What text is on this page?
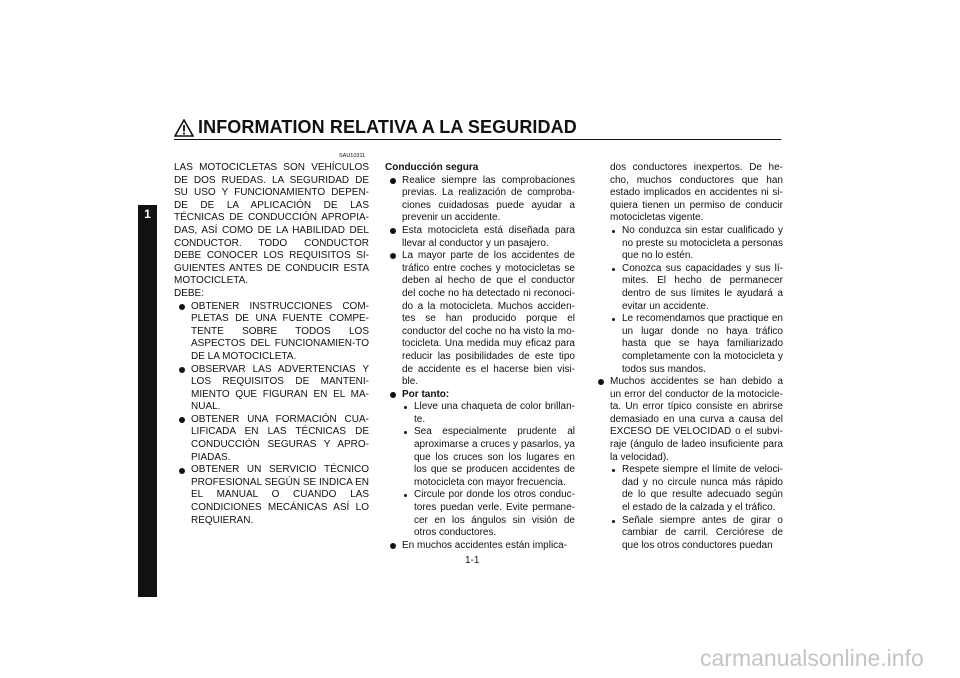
1
INFORMATION RELATIVA A LA SEGURIDAD
SAU10311

LAS MOTOCICLETAS SON VEHÍCULOS DE DOS RUEDAS. LA SEGURIDAD DE SU USO Y FUNCIONAMIENTO DEPEN-DE DE LA APLICACIÓN DE LAS TÉCNICAS DE CONDUCCIÓN APROPIA-DAS, ASÍ COMO DE LA HABILIDAD DEL CONDUCTOR. TODO CONDUCTOR DEBE CONOCER LOS REQUISITOS SI-GUIENTES ANTES DE CONDUCIR ESTA MOTOCICLETA.

DEBE:

OBTENER INSTRUCCIONES COM-PLETAS DE UNA FUENTE COMPE-TENTE SOBRE TODOS LOS ASPECTOS DEL FUNCIONAMIEN-TO DE LA MOTOCICLETA.
OBSERVAR LAS ADVERTENCIAS Y LOS REQUISITOS DE MANTENI-MIENTO QUE FIGURAN EN EL MA-NUAL.
OBTENER UNA FORMACIÓN CUA-LIFICADA EN LAS TÉCNICAS DE CONDUCCIÓN SEGURAS Y APRO-PIADAS.
OBTENER UN SERVICIO TÉCNICO PROFESIONAL SEGÚN SE INDICA EN EL MANUAL O CUANDO LAS CONDICIONES MECÁNICAS ASÍ LO REQUIERAN.

Conducción segura

Realice siempre las comprobaciones previas. La realización de comproba-ciones cuidadosas puede ayudar a prevenir un accidente.
Esta motocicleta está diseñada para llevar al conductor y un pasajero.
La mayor parte de los accidentes de tráfico entre coches y motocicletas se deben al hecho de que el conductor del coche no ha detectado ni reconoci-do a la motocicleta. Muchos acciden-tes se han producido porque el conductor del coche no ha visto la mo-tocicleta. Una medida muy eficaz para reducir las posibilidades de este tipo de accidente es el hacerse bien visi-ble.
Por tanto:
Lleve una chaqueta de color brillan-te.
Sea especialmente prudente al aproximarse a cruces y pasarlos, ya que los cruces son los lugares en los que se producen accidentes de motocicleta con mayor frecuencia.
Circule por donde los otros conduc-tores puedan verle. Evite permane-cer en los ángulos sin visión de otros conductores.
En muchos accidentes están implica-

dos conductores inexpertos. De he-cho, muchos conductores que han estado implicados en accidentes ni si-quiera tienen un permiso de conducir motocicletas vigente.

No conduzca sin estar cualificado y no preste su motocicleta a personas que no lo estén.
Conozca sus capacidades y sus lí-mites. El hecho de permanecer dentro de sus límites le ayudará a evitar un accidente.
Le recomendamos que practique en un lugar donde no haya tráfico hasta que se haya familiarizado completamente con la motocicleta y todos sus mandos.
Muchos accidentes se han debido a un error del conductor de la motocicle-ta. Un error típico consiste en abrirse demasiado en una curva a causa del EXCESO DE VELOCIDAD o el subvi-raje (ángulo de ladeo insuficiente para la velocidad).
Respete siempre el límite de veloci-dad y no circule nunca más rápido de lo que resulte adecuado según el estado de la calzada y el tráfico.
Señale siempre antes de girar o cambiar de carril. Cerciórese de que los otros conductores puedan
1-1
carmanualsonline.info
